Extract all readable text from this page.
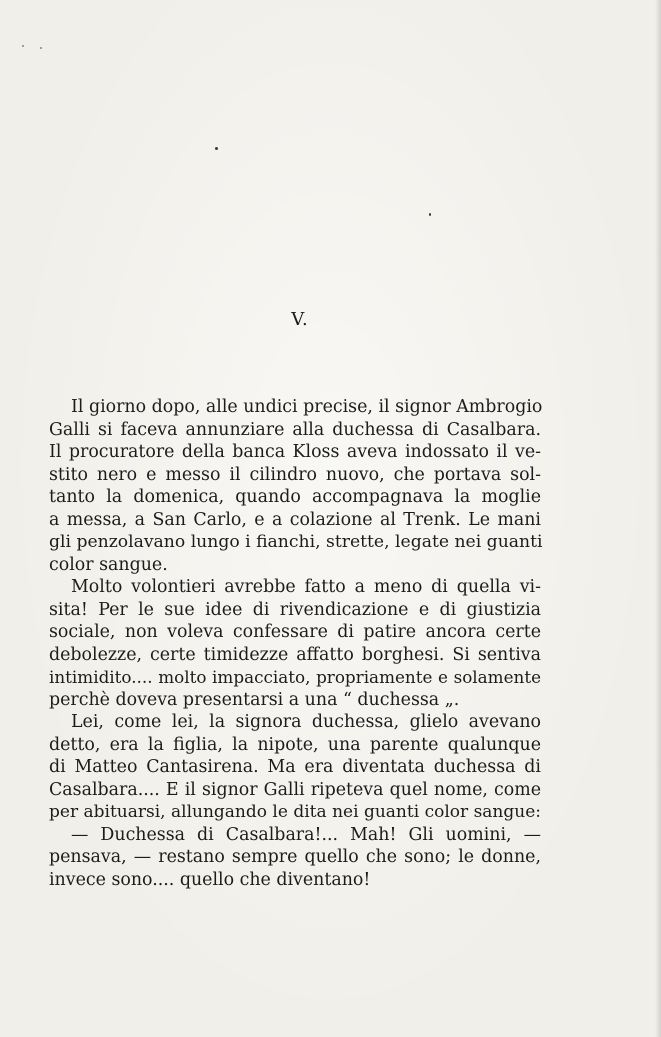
V.
Il giorno dopo, alle undici precise, il signor Ambrogio
Galli si faceva annunziare alla duchessa di Casalbara.
Il procuratore della banca Kloss aveva indossato il ve-
stito nero e messo il cilindro nuovo, che portava sol-
tanto la domenica, quando accompagnava la moglie
a messa, a San Carlo, e a colazione al Trenk. Le mani
gli penzolavano lungo i fianchi, strette, legate nei guanti
color sangue.
Molto volontieri avrebbe fatto a meno di quella vi-
sita! Per le sue idee di rivendicazione e di giustizia
sociale, non voleva confessare di patire ancora certe
debolezze, certe timidezze affatto borghesi. Si sentiva
intimidito.... molto impacciato, propriamente e solamente
perchè doveva presentarsi a una “ duchessa „.
Lei, come lei, la signora duchessa, glielo avevano
detto, era la figlia, la nipote, una parente qualunque
di Matteo Cantasirena. Ma era diventata duchessa di
Casalbara.... E il signor Galli ripeteva quel nome, come
per abituarsi, allungando le dita nei guanti color sangue:
— Duchessa di Casalbara!... Mah! Gli uomini, —
pensava, — restano sempre quello che sono; le donne,
invece sono.... quello che diventano!
